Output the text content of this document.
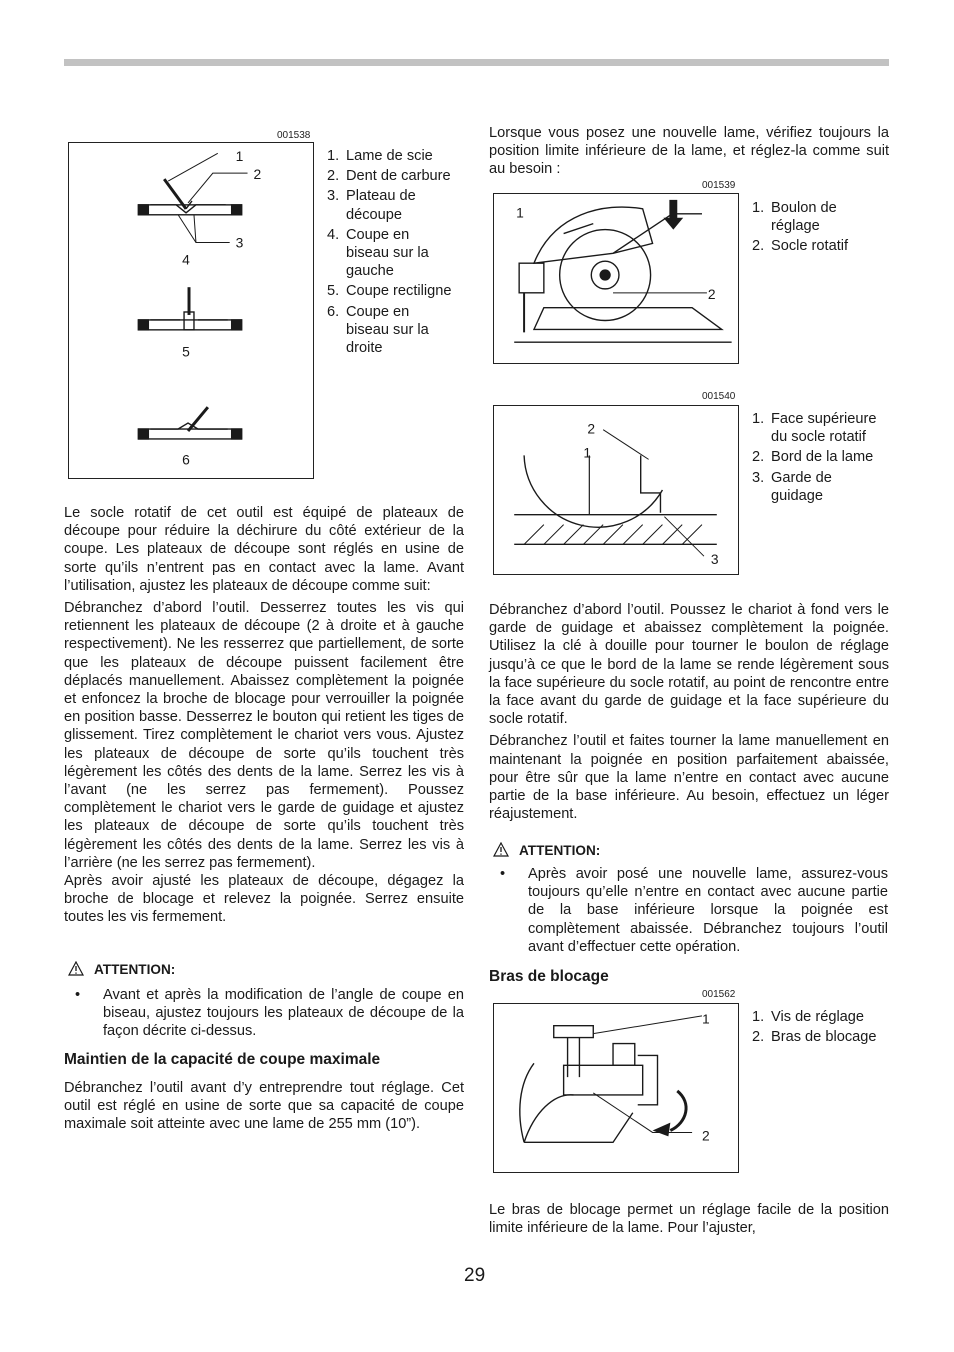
001538
1
2
3
4
5
6
1. Lame de scie
2. Dent de carbure
3. Plateau de découpe
4. Coupe en biseau sur la gauche
5. Coupe rectiligne
6. Coupe en biseau sur la droite

Le socle rotatif de cet outil est équipé de plateaux de découpe pour réduire la déchirure du côté extérieur de la coupe. Les plateaux de découpe sont réglés en usine de sorte qu’ils n’entrent pas en contact avec la lame. Avant l’utilisation, ajustez les plateaux de découpe comme suit:

Débranchez d’abord l’outil. Desserrez toutes les vis qui retiennent les plateaux de découpe (2 à droite et à gauche respectivement). Ne les resserrez que partiellement, de sorte que les plateaux de découpe puissent facilement être déplacés manuellement. Abaissez complètement la poignée et enfoncez la broche de blocage pour verrouiller la poignée en position basse. Desserrez le bouton qui retient les tiges de glissement. Tirez complètement le chariot vers vous. Ajustez les plateaux de découpe de sorte qu’ils touchent très légèrement les côtés des dents de la lame. Serrez les vis à l’avant (ne les serrez pas fermement). Poussez complètement le chariot vers le garde de guidage et ajustez les plateaux de découpe de sorte qu’ils touchent très légèrement les côtés des dents de la lame. Serrez les vis à l’arrière (ne les serrez pas fermement).

Après avoir ajusté les plateaux de découpe, dégagez la broche de blocage et relevez la poignée. Serrez ensuite toutes les vis fermement.

ATTENTION:
• Avant et après la modification de l’angle de coupe en biseau, ajustez toujours les plateaux de découpe de la façon décrite ci-dessus.
Maintien de la capacité de coupe maximale

Débranchez l’outil avant d’y entreprendre tout réglage. Cet outil est réglé en usine de sorte que sa capacité de coupe maximale soit atteinte avec une lame de 255 mm (10”).

Lorsque vous posez une nouvelle lame, vérifiez toujours la position limite inférieure de la lame, et réglez-la comme suit au besoin :

001539
1
2
1. Boulon de réglage
2. Socle rotatif
001540
2
1
3
1. Face supérieure du socle rotatif
2. Bord de la lame
3. Garde de guidage

Débranchez d’abord l’outil. Poussez le chariot à fond vers le garde de guidage et abaissez complètement la poignée. Utilisez la clé à douille pour tourner le boulon de réglage jusqu’à ce que le bord de la lame se rende légèrement sous la face supérieure du socle rotatif, au point de rencontre entre la face avant du garde de guidage et la face supérieure du socle rotatif.

Débranchez l’outil et faites tourner la lame manuellement en maintenant la poignée en position parfaitement abaissée, pour être sûr que la lame n’entre en contact avec aucune partie de la base inférieure. Au besoin, effectuez un léger réajustement.

ATTENTION:
• Après avoir posé une nouvelle lame, assurez-vous toujours qu’elle n’entre en contact avec aucune partie de la base inférieure lorsque la poignée est complètement abaissée. Débranchez toujours l’outil avant d’effectuer cette opération.
Bras de blocage
001562
1
2
1. Vis de réglage
2. Bras de blocage

Le bras de blocage permet un réglage facile de la position limite inférieure de la lame. Pour l’ajuster,

29
